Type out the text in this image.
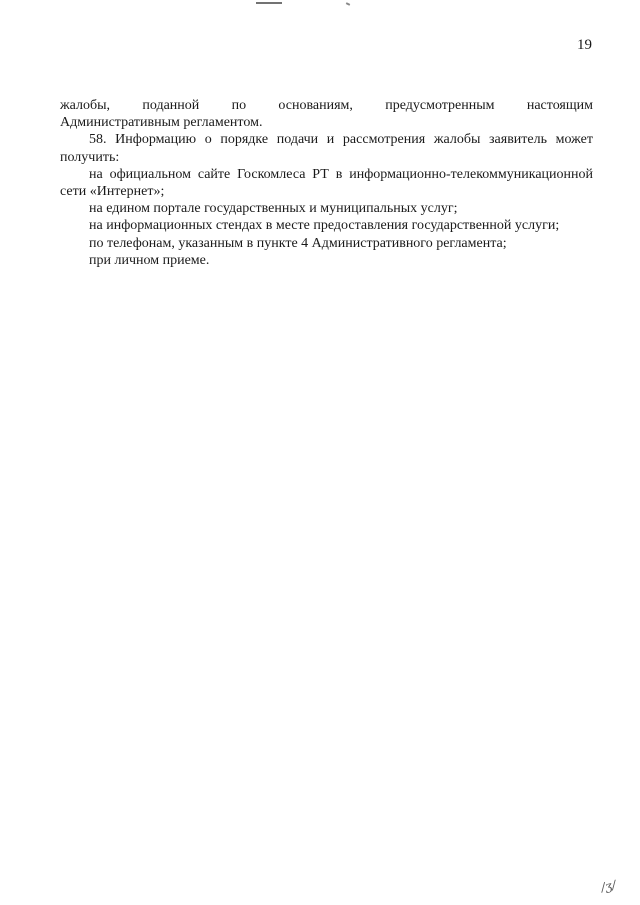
19

жалобы, поданной по основаниям, предусмотренным настоящим

Административным регламентом.

58. Информацию о порядке подачи и рассмотрения жалобы заявитель может получить:

на официальном сайте Госкомлеса РТ в информационно-телекоммуникационной сети «Интернет»;

на едином портале государственных и муниципальных услуг;

на информационных стендах в месте предоставления государственной услуги;

по телефонам, указанным в пункте 4 Административного регламента;

при личном приеме.

/ʒ/
